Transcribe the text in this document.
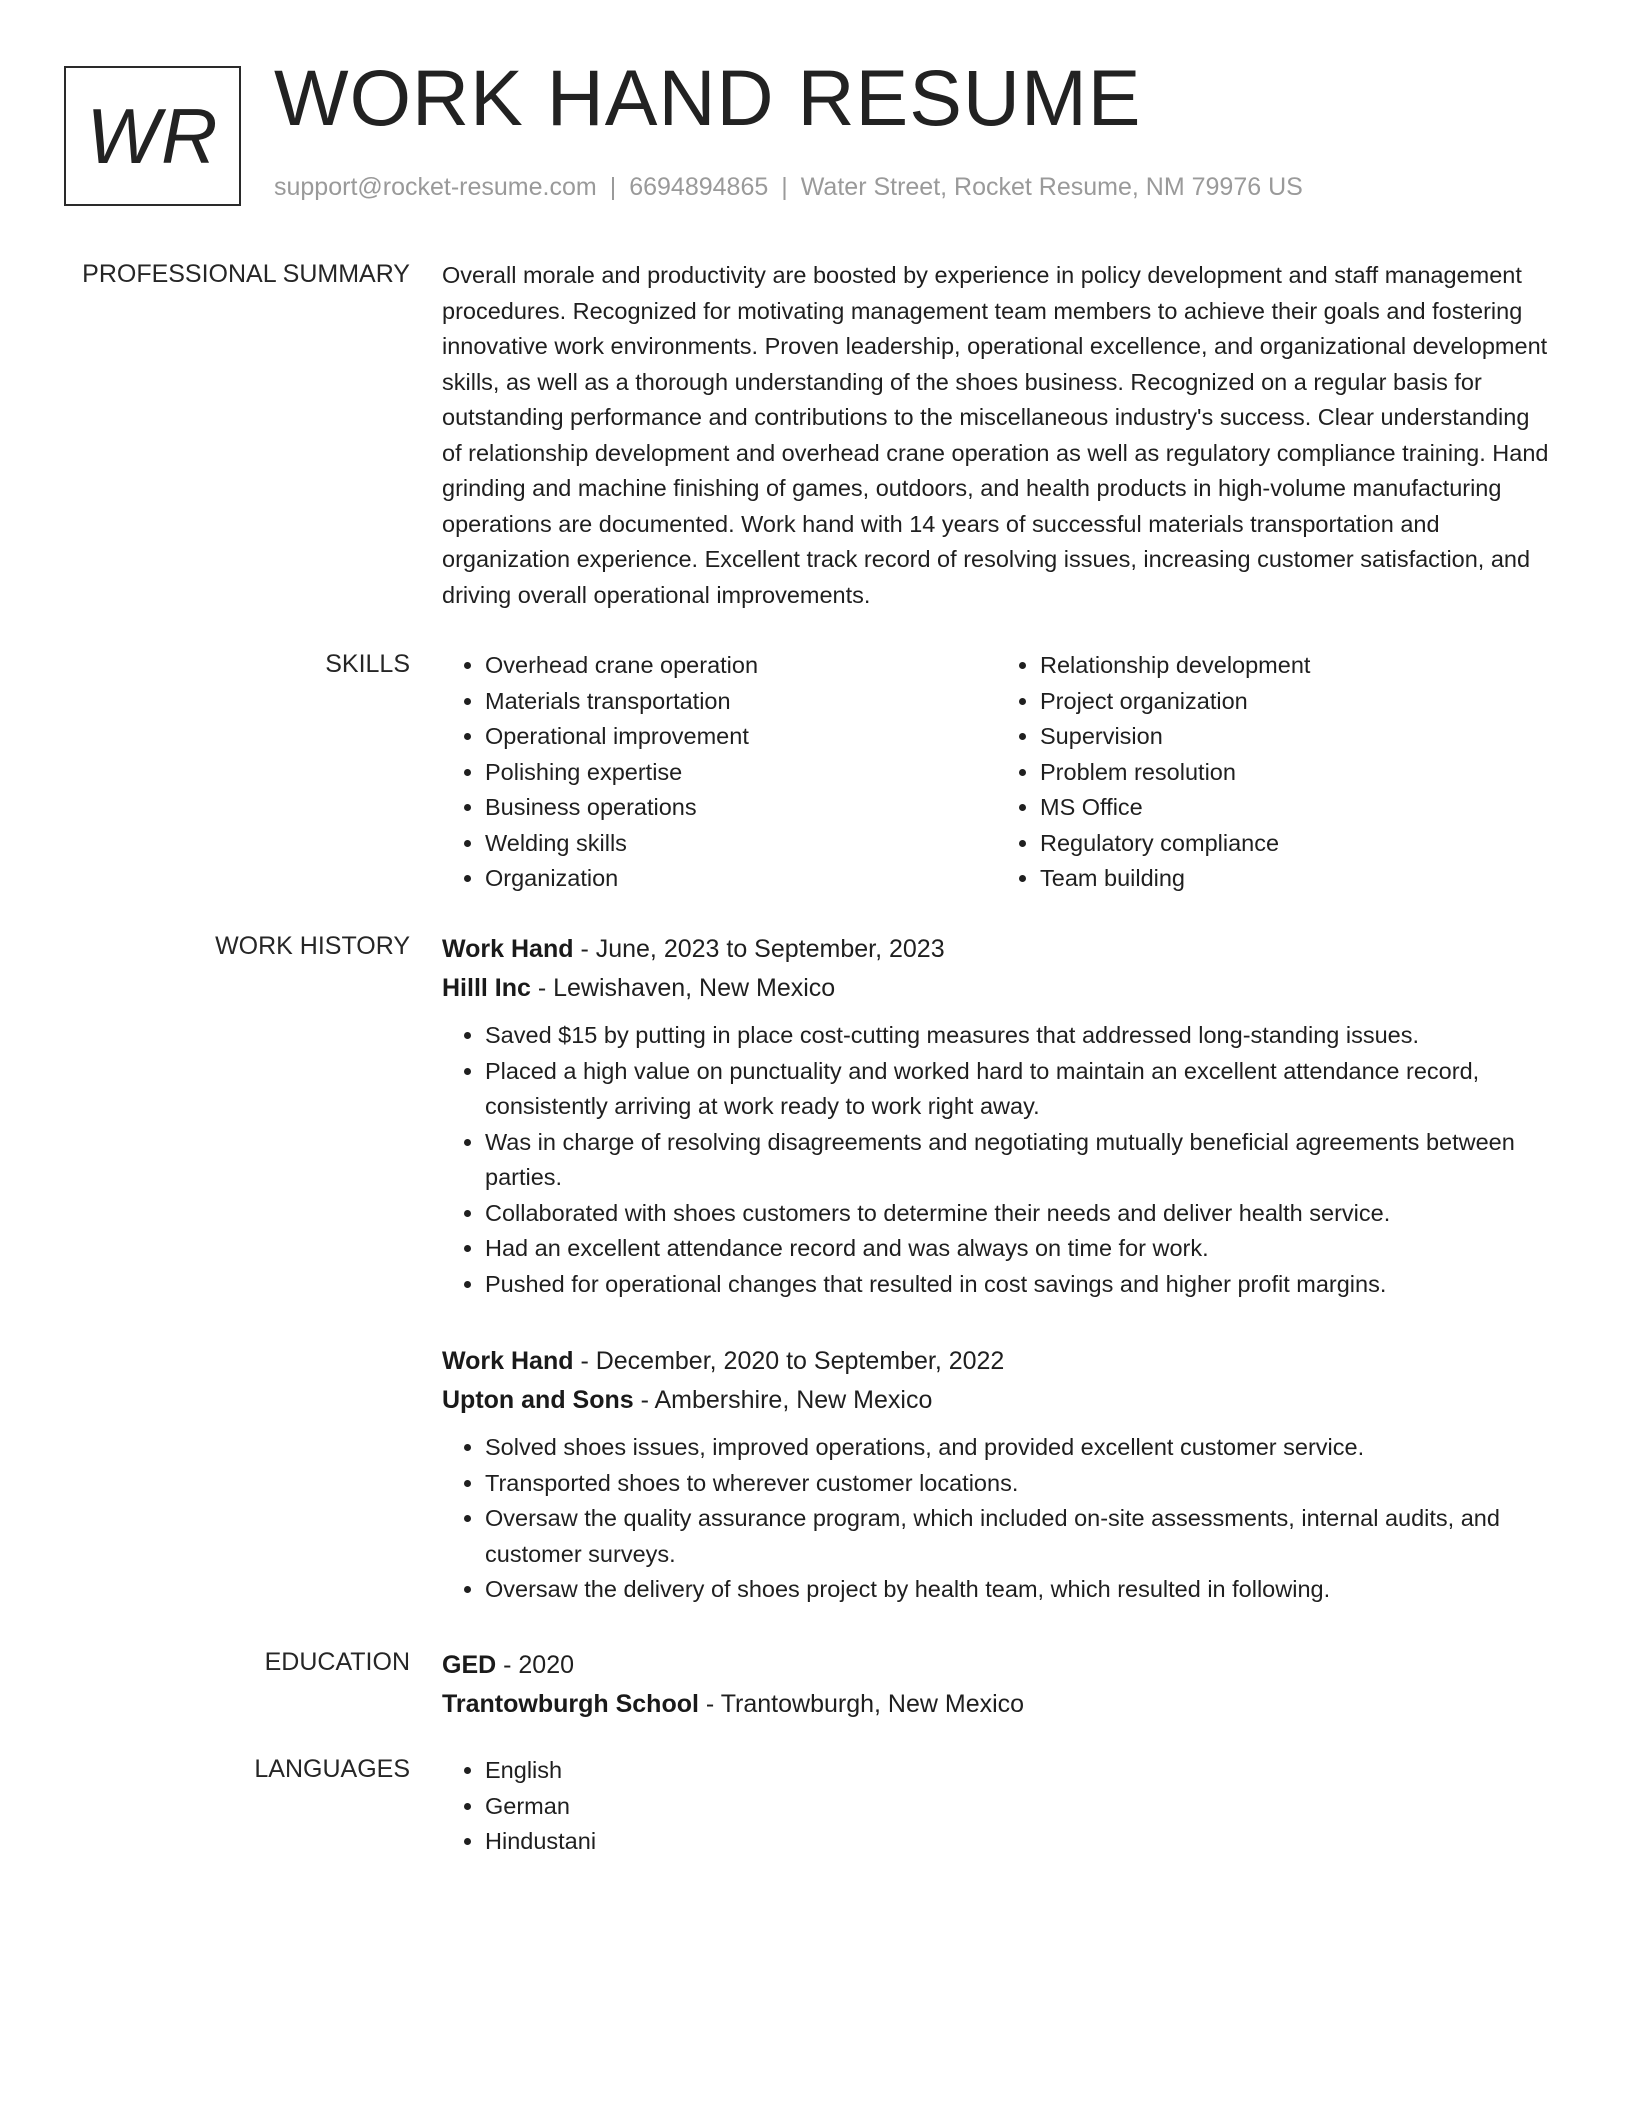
WR WORK HAND RESUME
support@rocket-resume.com | 6694894865 | Water Street, Rocket Resume, NM 79976 US
PROFESSIONAL SUMMARY Overall morale and productivity are boosted by experience in policy development and staff management procedures. Recognized for motivating management team members to achieve their goals and fostering innovative work environments. Proven leadership, operational excellence, and organizational development skills, as well as a thorough understanding of the shoes business. Recognized on a regular basis for outstanding performance and contributions to the miscellaneous industry's success. Clear understanding of relationship development and overhead crane operation as well as regulatory compliance training. Hand grinding and machine finishing of games, outdoors, and health products in high-volume manufacturing operations are documented. Work hand with 14 years of successful materials transportation and organization experience. Excellent track record of resolving issues, increasing customer satisfaction, and driving overall operational improvements.

SKILLS	• Overhead crane operation
• Materials transportation
• Operational improvement
• Polishing expertise
• Business operations
• Welding skills
• Organization
• Relationship development
• Project organization
• Supervision
• Problem resolution
• MS Office
• Regulatory compliance
• Team building
WORK HISTORY Work Hand - June, 2023 to September, 2023
Hilll Inc - Lewishaven, New Mexico
• Saved $15 by putting in place cost-cutting measures that addressed long-standing issues.
• Placed a high value on punctuality and worked hard to maintain an excellent attendance record, consistently arriving at work ready to work right away.
• Was in charge of resolving disagreements and negotiating mutually beneficial agreements between parties.
• Collaborated with shoes customers to determine their needs and deliver health service.
• Had an excellent attendance record and was always on time for work.
• Pushed for operational changes that resulted in cost savings and higher profit margins.
Work Hand - December, 2020 to September, 2022
Upton and Sons - Ambershire, New Mexico
• Solved shoes issues, improved operations, and provided excellent customer service.
• Transported shoes to wherever customer locations.
• Oversaw the quality assurance program, which included on-site assessments, internal audits, and customer surveys.
• Oversaw the delivery of shoes project by health team, which resulted in following.
EDUCATION GED - 2020
Trantowburgh School - Trantowburgh, New Mexico
LANGUAGES	• English
• German
• Hindustani
